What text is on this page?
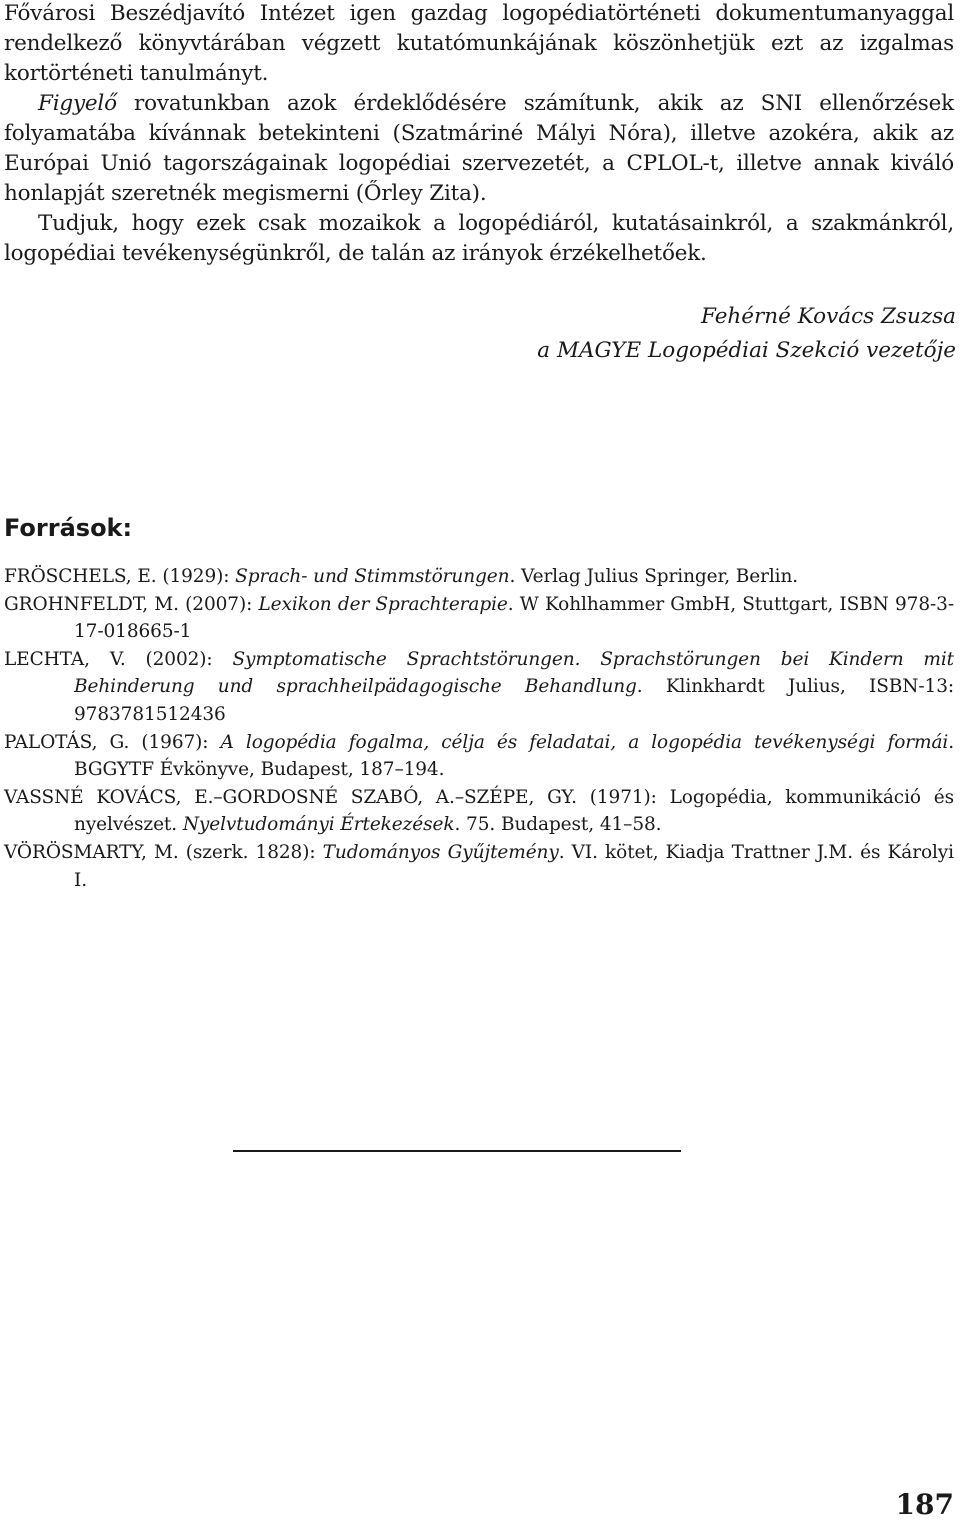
Fővárosi Beszédjavító Intézet igen gazdag logopédiatörténeti dokumentumanyaggal rendelkező könyvtárában végzett kutatómunkájának köszönhetjük ezt az izgalmas kortörténeti tanulmányt.

Figyelő rovatunkban azok érdeklődésére számítunk, akik az SNI ellenőrzések folyamatába kívánnak betekinteni (Szatmáriné Mályi Nóra), illetve azokéra, akik az Európai Unió tagországainak logopédiai szervezetét, a CPLOL-t, illetve annak kiváló honlapját szeretnék megismerni (Őrley Zita).

Tudjuk, hogy ezek csak mozaikok a logopédiáról, kutatásainkról, a szakmánkról, logopédiai tevékenységünkről, de talán az irányok érzékelhetőek.

Fehérné Kovács Zsuzsa
a MAGYE Logopédiai Szekció vezetője
Források:

FRÖSCHELS, E. (1929): Sprach- und Stimmstörungen. Verlag Julius Springer, Berlin.

GROHNFELDT, M. (2007): Lexikon der Sprachterapie. W Kohlhammer GmbH, Stuttgart, ISBN 978-3-17-018665-1

LECHTA, V. (2002): Symptomatische Sprachtstörungen. Sprachstörungen bei Kindern mit Behinderung und sprachheilpädagogische Behandlung. Klinkhardt Julius, ISBN-13: 9783781512436

PALOTÁS, G. (1967): A logopédia fogalma, célja és feladatai, a logopédia tevékenységi formái. BGGYTF Évkönyve, Budapest, 187–194.

VASSNÉ KOVÁCS, E.–GORDOSNÉ SZABÓ, A.–SZÉPE, GY. (1971): Logopédia, kommunikáció és nyelvészet. Nyelvtudományi Értekezések. 75. Budapest, 41–58.

VÖRÖSMARTY, M. (szerk. 1828): Tudományos Gyűjtemény. VI. kötet, Kiadja Trattner J.M. és Károlyi I.

187
